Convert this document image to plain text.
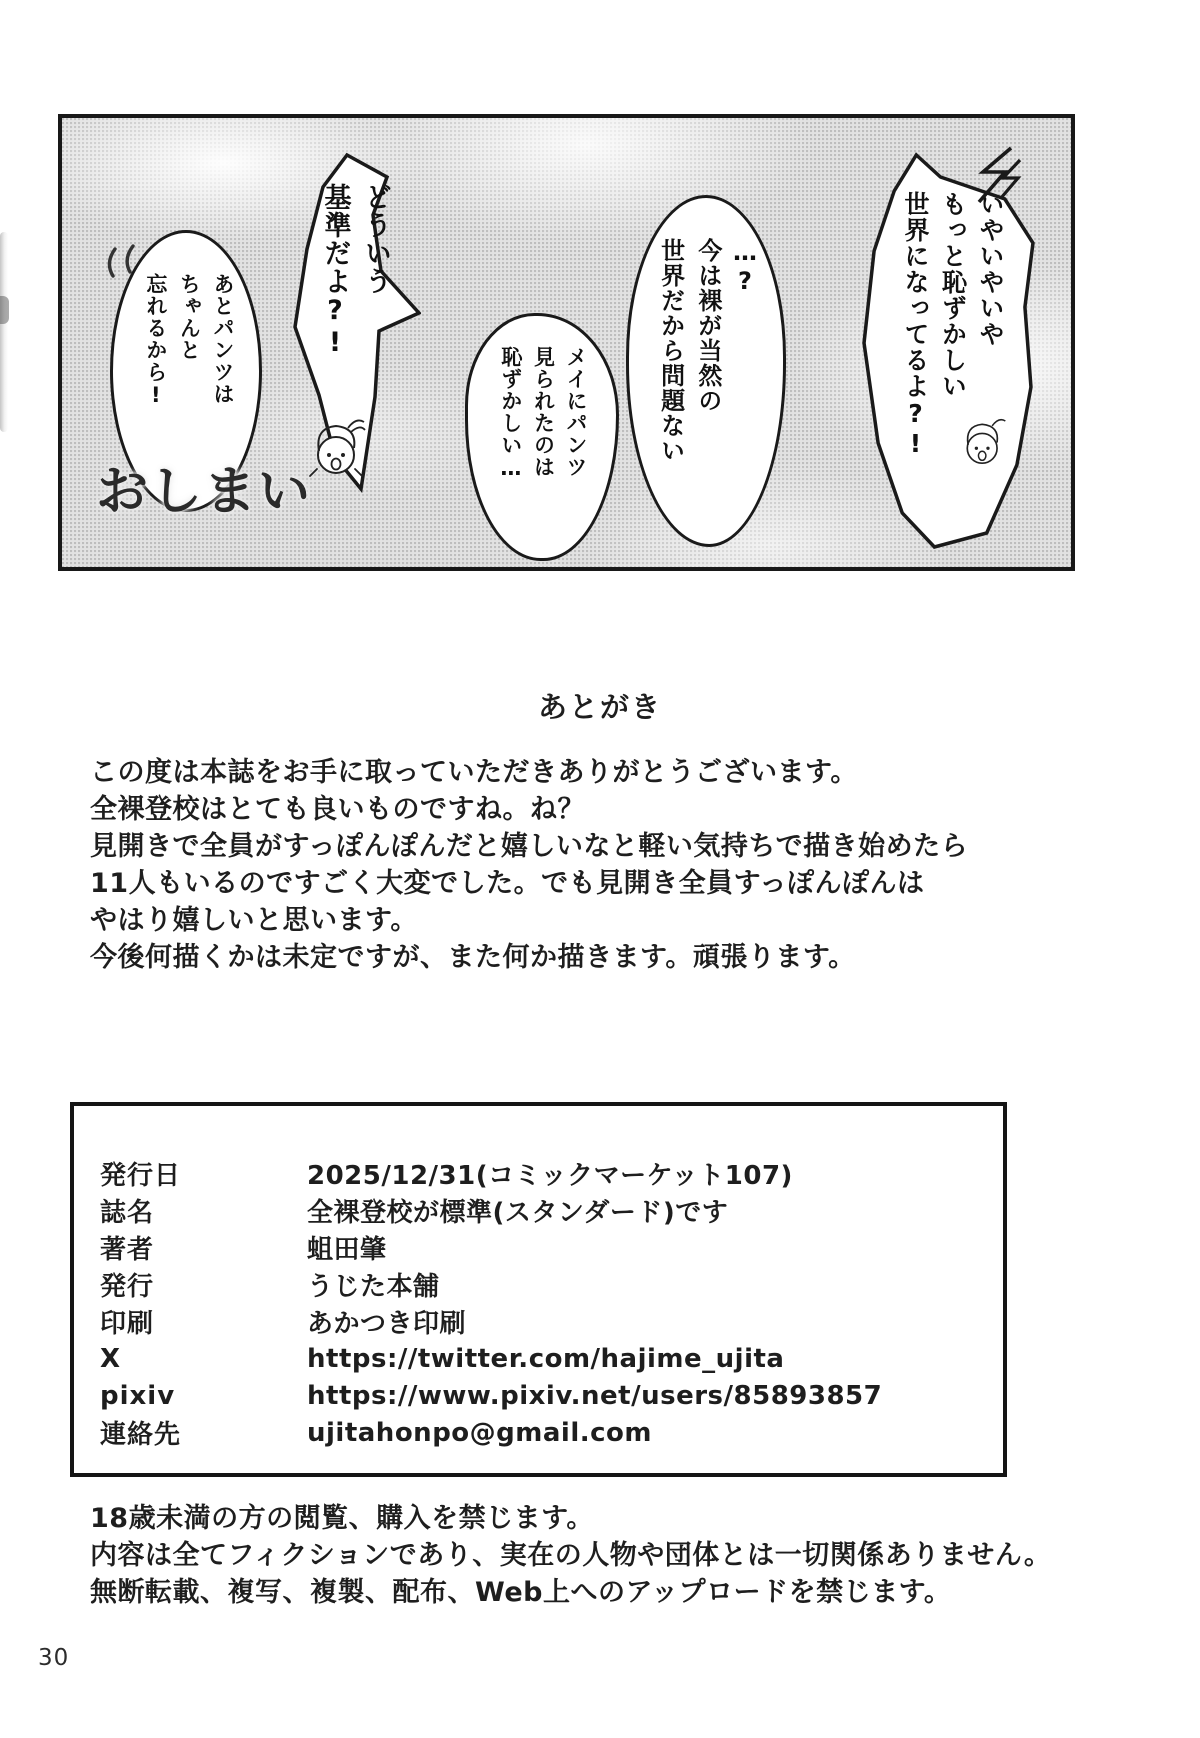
あとパンツは
ちゃんと
忘れるから!
どういう
基準だよ?!
メイにパンツ
見られたのは
恥ずかしい…
…?
今は裸が当然の
世界だから問題ない	いやいやいや
もっと恥ずかしい
世界になってるよ?!
おしまい
あとがき
この度は本誌をお手に取っていただきありがとうございます。
全裸登校はとても良いものですね。ね？
見開きで全員がすっぽんぽんだと嬉しいなと軽い気持ちで描き始めたら
11人もいるのですごく大変でした。でも見開き全員すっぽんぽんは
やはり嬉しいと思います。
今後何描くかは未定ですが、また何か描きます。頑張ります。
発行日	2025/12/31(コミックマーケット107)
誌名	全裸登校が標準(スタンダード)です
著者	蛆田肇
発行	うじた本舗
印刷	あかつき印刷
X	https://twitter.com/hajime_ujita
pixiv	https://www.pixiv.net/users/85893857
連絡先	ujitahonpo@gmail.com
18歳未満の方の閲覧、購入を禁じます。
内容は全てフィクションであり、実在の人物や団体とは一切関係ありません。
無断転載、複写、複製、配布、Web上へのアップロードを禁じます。
30
